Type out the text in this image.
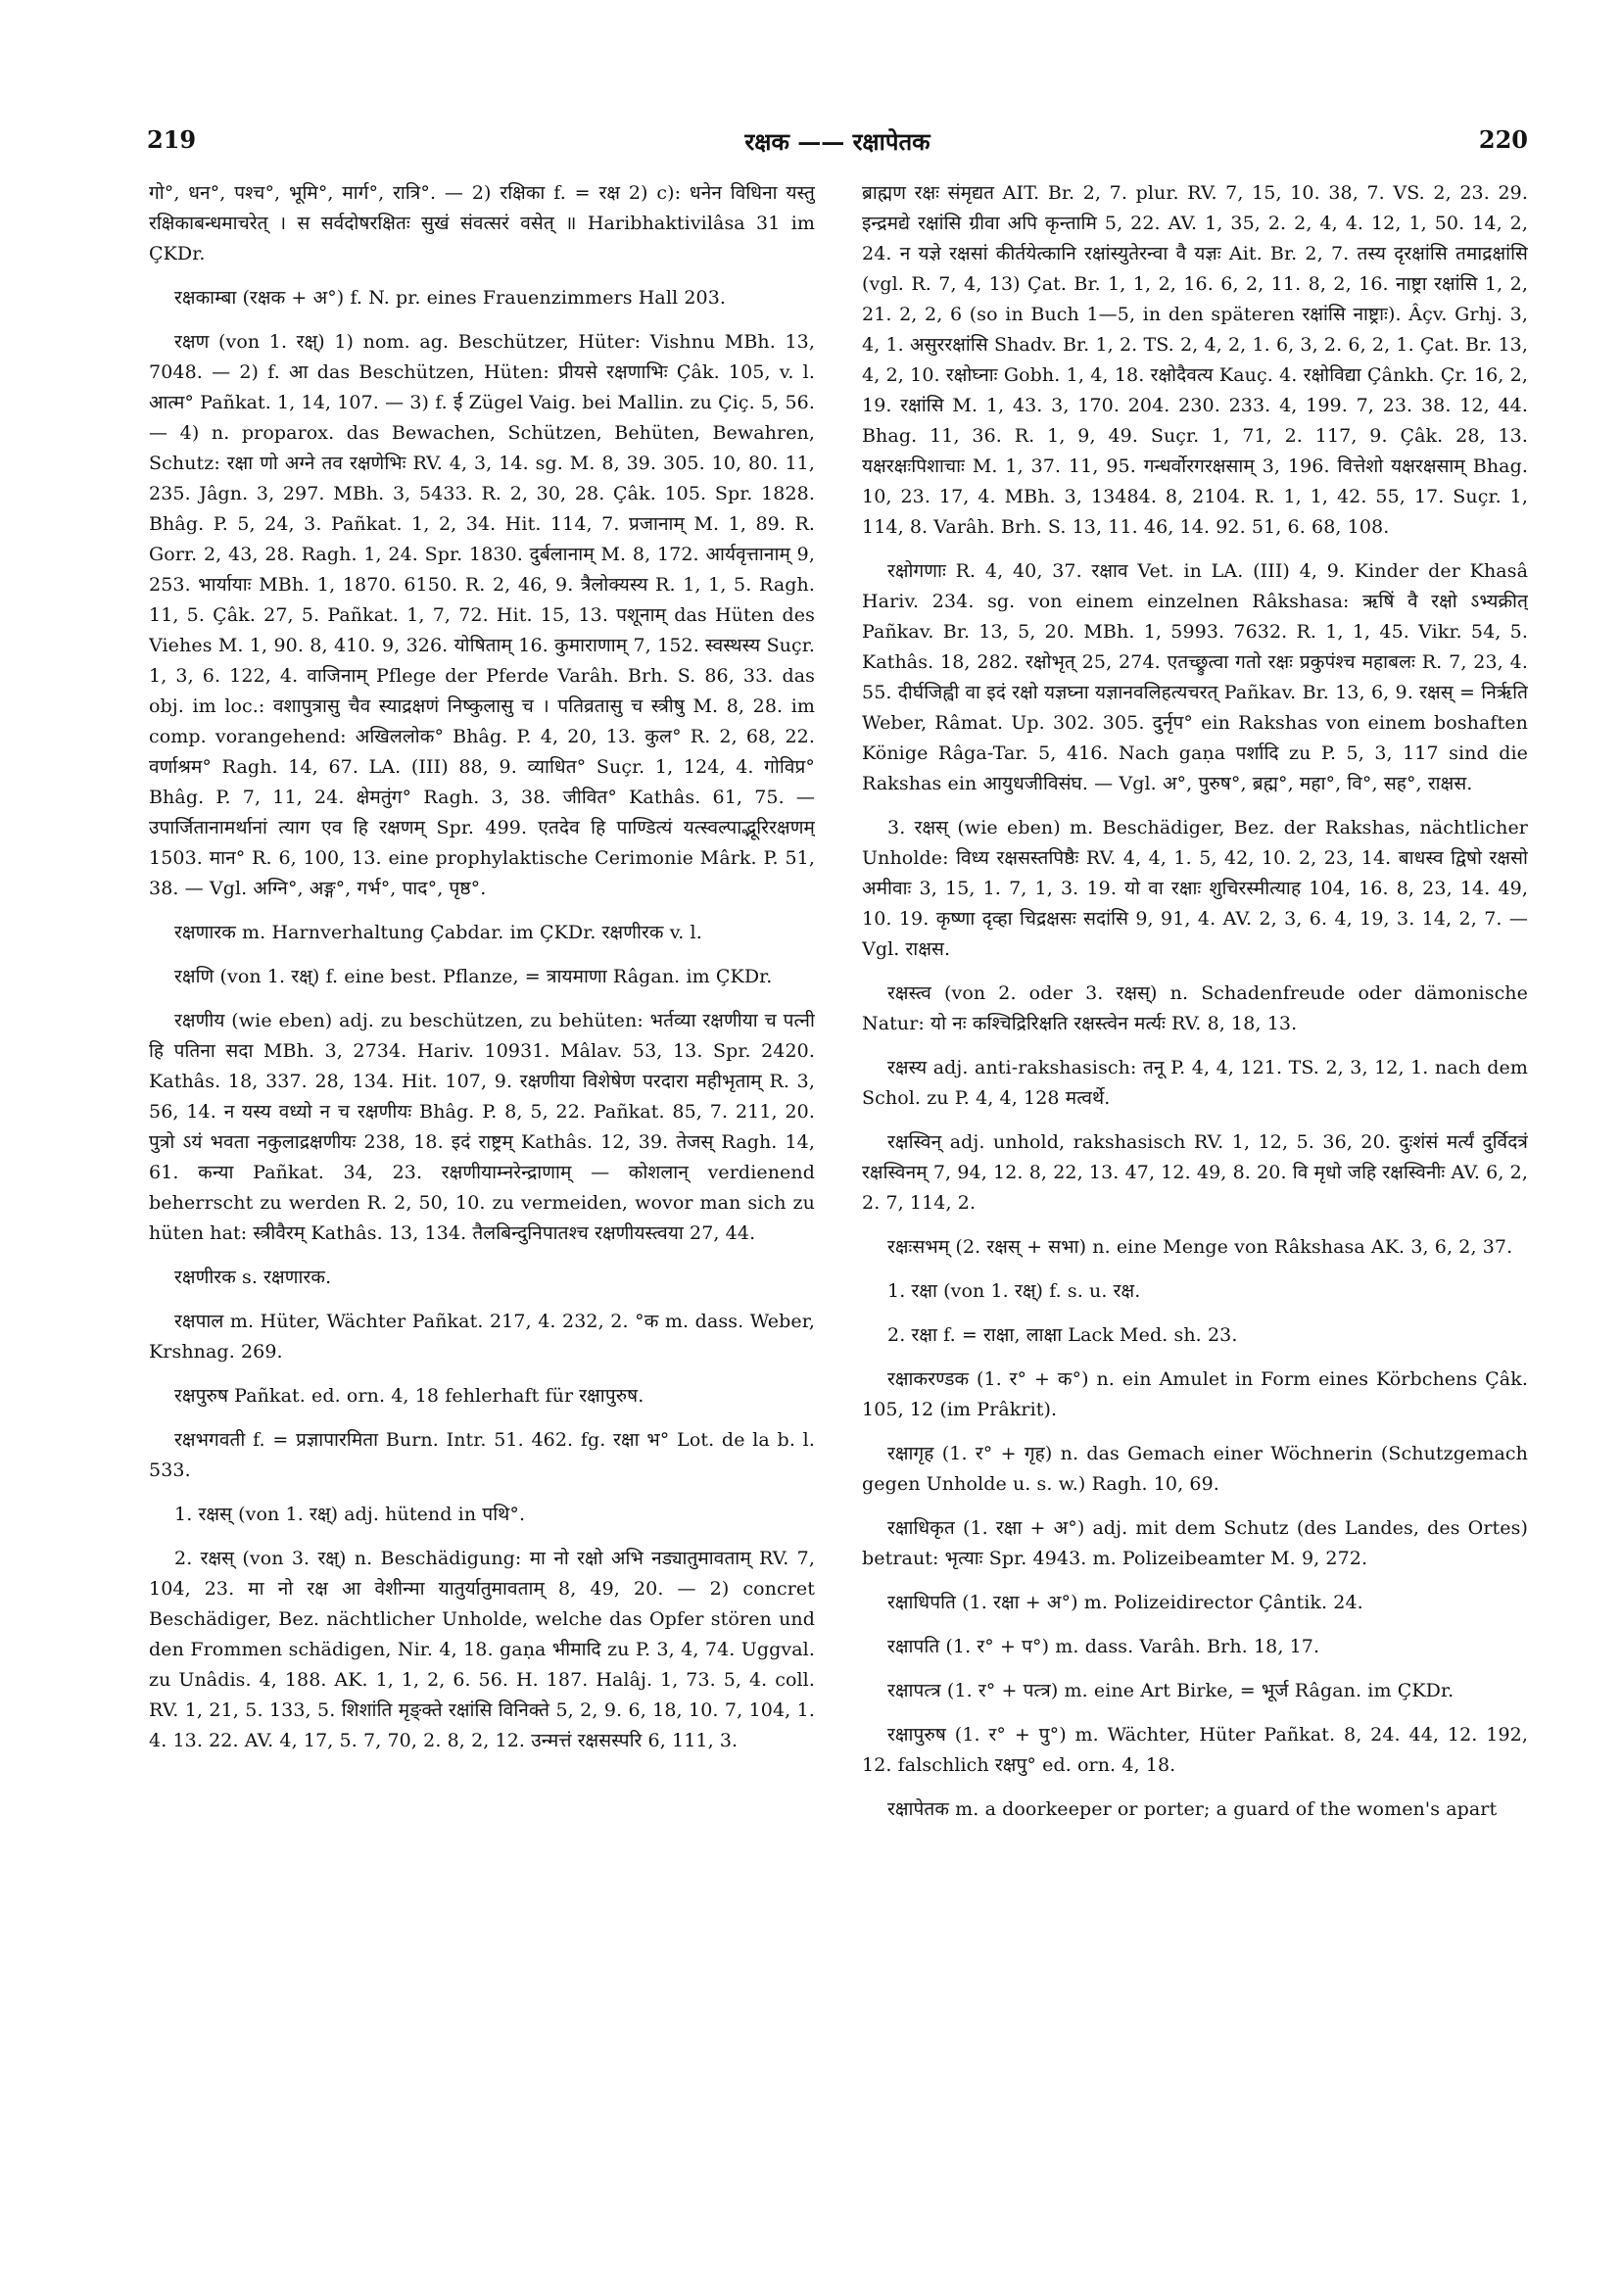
219	रक्षक —— रक्षापेतक	220

गो°, धन°, पश्च°, भूमि°, मार्ग°, रात्रि°. — 2) रक्षिका f. = रक्ष 2) c): धनेन विधिना यस्तु रक्षिकाबन्धमाचरेत् । स सर्वदोषरक्षितः सुखं संवत्सरं वसेत् ॥ Haribhaktivilâsa 31 im ÇKDr.

रक्षकाम्बा (रक्षक + अ°) f. N. pr. eines Frauenzimmers Hall 203.

रक्षण (von 1. रक्ष्) 1) nom. ag. Beschützer, Hüter: Vishnu MBh. 13, 7048. — 2) f. आ das Beschützen, Hüten: प्रीयसे रक्षणाभिः Çâk. 105, v. l. आत्म° Pañkat. 1, 14, 107. — 3) f. ई Zügel Vaig. bei Mallin. zu Çiç. 5, 56. — 4) n. proparox. das Bewachen, Schützen, Behüten, Bewahren, Schutz: रक्षा णो अग्ने तव रक्षणेभिः RV. 4, 3, 14. sg. M. 8, 39. 305. 10, 80. 11, 235. Jâgn. 3, 297. MBh. 3, 5433. R. 2, 30, 28. Çâk. 105. Spr. 1828. Bhâg. P. 5, 24, 3. Pañkat. 1, 2, 34. Hit. 114, 7. प्रजानाम् M. 1, 89. R. Gorr. 2, 43, 28. Ragh. 1, 24. Spr. 1830. दुर्बलानाम् M. 8, 172. आर्यवृत्तानाम् 9, 253. भार्यायाः MBh. 1, 1870. 6150. R. 2, 46, 9. त्रैलोक्यस्य R. 1, 1, 5. Ragh. 11, 5. Çâk. 27, 5. Pañkat. 1, 7, 72. Hit. 15, 13. पशूनाम् das Hüten des Viehes M. 1, 90. 8, 410. 9, 326. योषिताम् 16. कुमाराणाम् 7, 152. स्वस्थस्य Suçr. 1, 3, 6. 122, 4. वाजिनाम् Pflege der Pferde Varâh. Brh. S. 86, 33. das obj. im loc.: वशापुत्रासु चैव स्याद्रक्षणं निष्कुलासु च । पतिव्रतासु च स्त्रीषु M. 8, 28. im comp. vorangehend: अखिललोक° Bhâg. P. 4, 20, 13. कुल° R. 2, 68, 22. वर्णाश्रम° Ragh. 14, 67. LA. (III) 88, 9. व्याधित° Suçr. 1, 124, 4. गोविप्र° Bhâg. P. 7, 11, 24. क्षेमतुंग° Ragh. 3, 38. जीवित° Kathâs. 61, 75. — उपार्जितानामर्थानां त्याग एव हि रक्षणम् Spr. 499. एतदेव हि पाण्डित्यं यत्स्वल्पाद्भूरिरक्षणम् 1503. मान° R. 6, 100, 13. eine prophylaktische Cerimonie Mârk. P. 51, 38. — Vgl. अग्नि°, अङ्ग°, गर्भ°, पाद°, पृष्ठ°.

रक्षणारक m. Harnverhaltung Çabdar. im ÇKDr. रक्षणीरक v. l.

रक्षणि (von 1. रक्ष्) f. eine best. Pflanze, = त्रायमाणा Râgan. im ÇKDr.

रक्षणीय (wie eben) adj. zu beschützen, zu behüten: भर्तव्या रक्षणीया च पत्नी हि पतिना सदा MBh. 3, 2734. Hariv. 10931. Mâlav. 53, 13. Spr. 2420. Kathâs. 18, 337. 28, 134. Hit. 107, 9. रक्षणीया विशेषेण परदारा महीभृताम् R. 3, 56, 14. न यस्य वध्यो न च रक्षणीयः Bhâg. P. 8, 5, 22. Pañkat. 85, 7. 211, 20. पुत्रो ऽयं भवता नकुलाद्रक्षणीयः 238, 18. इदं राष्ट्रम् Kathâs. 12, 39. तेजस् Ragh. 14, 61. कन्या Pañkat. 34, 23. रक्षणीयाम्नरेन्द्राणाम् — कोशलान् verdienend beherrscht zu werden R. 2, 50, 10. zu vermeiden, wovor man sich zu hüten hat: स्त्रीवैरम् Kathâs. 13, 134. तैलबिन्दुनिपातश्च रक्षणीयस्त्वया 27, 44.

रक्षणीरक s. रक्षणारक.

रक्षपाल m. Hüter, Wächter Pañkat. 217, 4. 232, 2. °क m. dass. Weber, Krshnag. 269.

रक्षपुरुष Pañkat. ed. orn. 4, 18 fehlerhaft für रक्षापुरुष.

रक्षभगवती f. = प्रज्ञापारमिता Burn. Intr. 51. 462. fg. रक्षा भ° Lot. de la b. l. 533.

1. रक्षस् (von 1. रक्ष्) adj. hütend in पथि°.

2. रक्षस् (von 3. रक्ष्) n. Beschädigung: मा नो रक्षो अभि नड्यातुमावताम् RV. 7, 104, 23. मा नो रक्ष आ वेशीन्मा यातुर्यातुमावताम् 8, 49, 20. — 2) concret Beschädiger, Bez. nächtlicher Unholde, welche das Opfer stören und den Frommen schädigen, Nir. 4, 18. gaṇa भीमादि zu P. 3, 4, 74. Uggval. zu Unâdis. 4, 188. AK. 1, 1, 2, 6. 56. H. 187. Halâj. 1, 73. 5, 4. coll. RV. 1, 21, 5. 133, 5. शिशांति मृङ्क्ते रक्षांसि विनिक्ते 5, 2, 9. 6, 18, 10. 7, 104, 1. 4. 13. 22. AV. 4, 17, 5. 7, 70, 2. 8, 2, 12. उन्मत्तं रक्षसस्परि 6, 111, 3.

ब्राह्मण रक्षः संमृद्यत AIT. Br. 2, 7. plur. RV. 7, 15, 10. 38, 7. VS. 2, 23. 29. इन्द्रमद्ये रक्षांसि ग्रीवा अपि कृन्तामि 5, 22. AV. 1, 35, 2. 2, 4, 4. 12, 1, 50. 14, 2, 24. न यज्ञे रक्षसां कीर्तयेत्कानि रक्षांस्युतेरन्वा वै यज्ञः Ait. Br. 2, 7. तस्य दृरक्षांसि तमाद्रक्षांसि (vgl. R. 7, 4, 13) Çat. Br. 1, 1, 2, 16. 6, 2, 11. 8, 2, 16. नाष्ट्रा रक्षांसि 1, 2, 21. 2, 2, 6 (so in Buch 1—5, in den späteren रक्षांसि नाष्ट्राः). Âçv. Grhj. 3, 4, 1. असुररक्षांसि Shadv. Br. 1, 2. TS. 2, 4, 2, 1. 6, 3, 2. 6, 2, 1. Çat. Br. 13, 4, 2, 10. रक्षोघ्नाः Gobh. 1, 4, 18. रक्षोदैवत्य Kauç. 4. रक्षोविद्या Çânkh. Çr. 16, 2, 19. रक्षांसि M. 1, 43. 3, 170. 204. 230. 233. 4, 199. 7, 23. 38. 12, 44. Bhag. 11, 36. R. 1, 9, 49. Suçr. 1, 71, 2. 117, 9. Çâk. 28, 13. यक्षरक्षःपिशाचाः M. 1, 37. 11, 95. गन्धर्वोरगरक्षसाम् 3, 196. वित्तेशो यक्षरक्षसाम् Bhag. 10, 23. 17, 4. MBh. 3, 13484. 8, 2104. R. 1, 1, 42. 55, 17. Suçr. 1, 114, 8. Varâh. Brh. S. 13, 11. 46, 14. 92. 51, 6. 68, 108.

रक्षोगणाः R. 4, 40, 37. रक्षाव Vet. in LA. (III) 4, 9. Kinder der Khasâ Hariv. 234. sg. von einem einzelnen Râkshasa: ऋषिं वै रक्षो ऽभ्यक्रीत् Pañkav. Br. 13, 5, 20. MBh. 1, 5993. 7632. R. 1, 1, 45. Vikr. 54, 5. Kathâs. 18, 282. रक्षोभृत् 25, 274. एतच्छ्रुत्वा गतो रक्षः प्रकुपंश्च महाबलः R. 7, 23, 4. 55. दीर्घजिह्वी वा इदं रक्षो यज्ञघ्ना यज्ञानवलिहत्यचरत् Pañkav. Br. 13, 6, 9. रक्षस् = निर्ऋति Weber, Râmat. Up. 302. 305. दुर्नृप° ein Rakshas von einem boshaften Könige Râga-Tar. 5, 416. Nach gaṇa पर्शादि zu P. 5, 3, 117 sind die Rakshas ein आयुधजीविसंघ. — Vgl. अ°, पुरुष°, ब्रह्म°, महा°, वि°, सह°, राक्षस.

3. रक्षस् (wie eben) m. Beschädiger, Bez. der Rakshas, nächtlicher Unholde: विध्य रक्षसस्तपिष्ठैः RV. 4, 4, 1. 5, 42, 10. 2, 23, 14. बाधस्व द्विषो रक्षसो अमीवाः 3, 15, 1. 7, 1, 3. 19. यो वा रक्षाः शुचिरस्मीत्याह 104, 16. 8, 23, 14. 49, 10. 19. कृष्णा दृव्हा चिद्रक्षसः सदांसि 9, 91, 4. AV. 2, 3, 6. 4, 19, 3. 14, 2, 7. — Vgl. राक्षस.

रक्षस्त्व (von 2. oder 3. रक्षस्) n. Schadenfreude oder dämonische Natur: यो नः कश्चिद्रिरिक्षति रक्षस्त्वेन मर्त्यः RV. 8, 18, 13.

रक्षस्य adj. anti-rakshasisch: तनू P. 4, 4, 121. TS. 2, 3, 12, 1. nach dem Schol. zu P. 4, 4, 128 मत्वर्थे.

रक्षस्विन् adj. unhold, rakshasisch RV. 1, 12, 5. 36, 20. दुःशंसं मर्त्यं दुर्विदत्रं रक्षस्विनम् 7, 94, 12. 8, 22, 13. 47, 12. 49, 8. 20. वि मृधो जहि रक्षस्विनीः AV. 6, 2, 2. 7, 114, 2.

रक्षःसभम् (2. रक्षस् + सभा) n. eine Menge von Râkshasa AK. 3, 6, 2, 37.

1. रक्षा (von 1. रक्ष्) f. s. u. रक्ष.

2. रक्षा f. = राक्षा, लाक्षा Lack Med. sh. 23.

रक्षाकरण्डक (1. र° + क°) n. ein Amulet in Form eines Körbchens Çâk. 105, 12 (im Prâkrit).

रक्षागृह (1. र° + गृह) n. das Gemach einer Wöchnerin (Schutzgemach gegen Unholde u. s. w.) Ragh. 10, 69.

रक्षाधिकृत (1. रक्षा + अ°) adj. mit dem Schutz (des Landes, des Ortes) betraut: भृत्याः Spr. 4943. m. Polizeibeamter M. 9, 272.

रक्षाधिपति (1. रक्षा + अ°) m. Polizeidirector Çântik. 24.

रक्षापति (1. र° + प°) m. dass. Varâh. Brh. 18, 17.

रक्षापत्त्र (1. र° + पत्त्र) m. eine Art Birke, = भूर्ज Râgan. im ÇKDr.

रक्षापुरुष (1. र° + पु°) m. Wächter, Hüter Pañkat. 8, 24. 44, 12. 192, 12. falschlich रक्षपु° ed. orn. 4, 18.

रक्षापेतक m. a doorkeeper or porter; a guard of the women's apart
